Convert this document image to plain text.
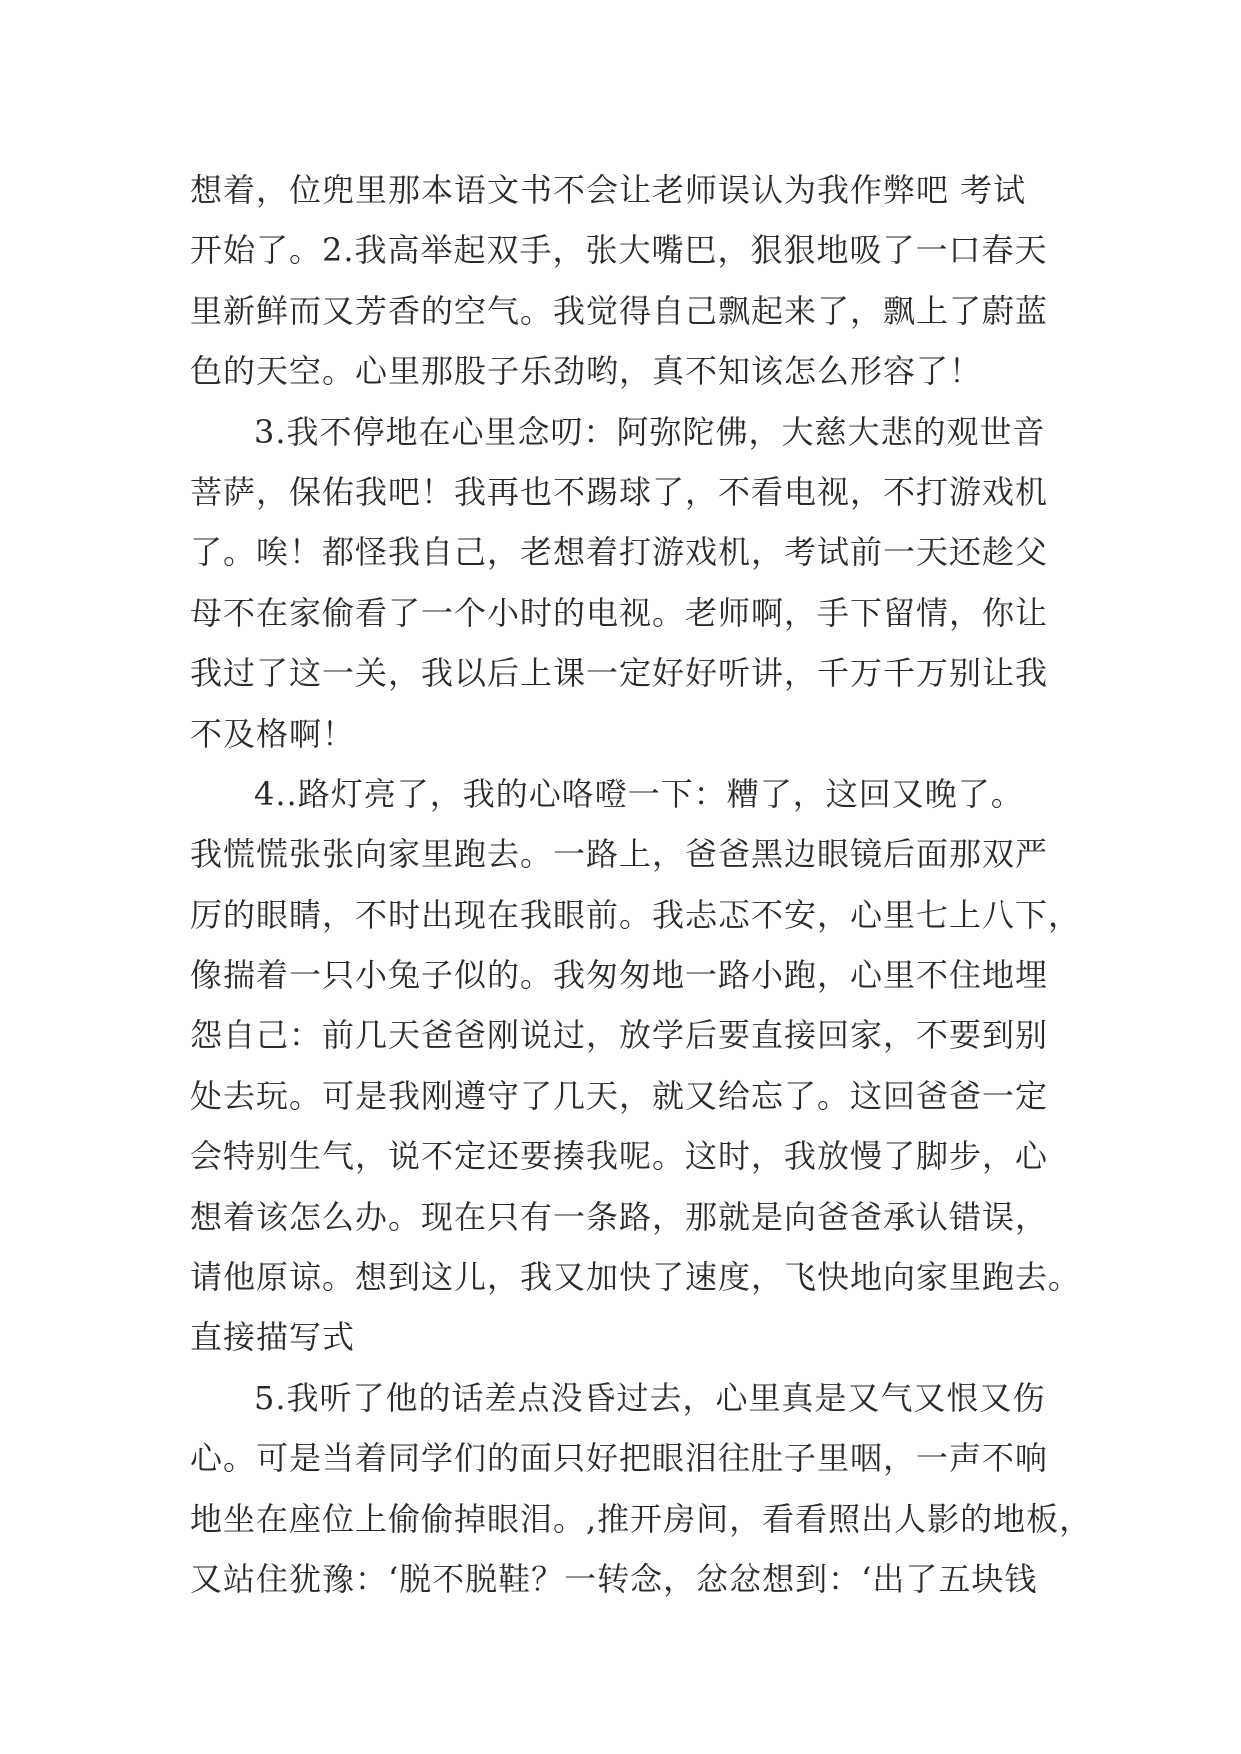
想着，位兜里那本语文书不会让老师误认为我作弊吧 考试
开始了。2.我高举起双手，张大嘴巴，狠狠地吸了一口春天
里新鲜而又芳香的空气。我觉得自己飘起来了，飘上了蔚蓝
色的天空。心里那股子乐劲哟，真不知该怎么形容了！
3.我不停地在心里念叨：阿弥陀佛，大慈大悲的观世音
菩萨，保佑我吧！我再也不踢球了，不看电视，不打游戏机
了。唉！都怪我自己，老想着打游戏机，考试前一天还趁父
母不在家偷看了一个小时的电视。老师啊，手下留情，你让
我过了这一关，我以后上课一定好好听讲，千万千万别让我
不及格啊！
4..路灯亮了，我的心咯噔一下：糟了，这回又晚了。
我慌慌张张向家里跑去。一路上，爸爸黑边眼镜后面那双严
厉的眼睛，不时出现在我眼前。我忐忑不安，心里七上八下，
像揣着一只小兔子似的。我匆匆地一路小跑，心里不住地埋
怨自己：前几天爸爸刚说过，放学后要直接回家，不要到别
处去玩。可是我刚遵守了几天，就又给忘了。这回爸爸一定
会特别生气，说不定还要揍我呢。这时，我放慢了脚步，心
想着该怎么办。现在只有一条路，那就是向爸爸承认错误，
请他原谅。想到这儿，我又加快了速度，飞快地向家里跑去。
直接描写式
5.我听了他的话差点没昏过去，心里真是又气又恨又伤
心。可是当着同学们的面只好把眼泪往肚子里咽，一声不响
地坐在座位上偷偷掉眼泪。,推开房间，看看照出人影的地板，
又站住犹豫：‘脱不脱鞋？一转念，忿忿想到：‘出了五块钱
